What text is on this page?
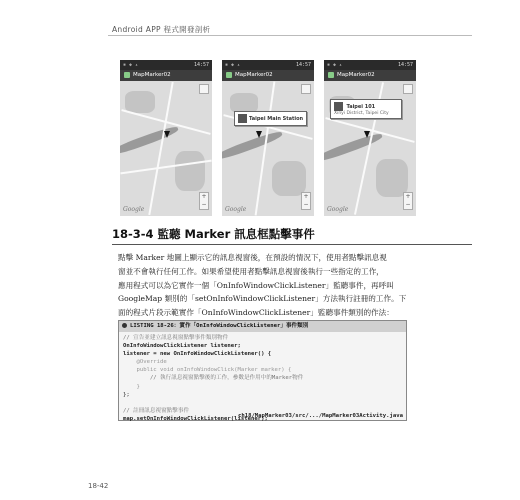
Android APP 程式開發剖析
▪ ◆ ▴	14:57
MapMarker02
+
−
Google
▪ ◆ ▴	14:57
MapMarker02
Taipei Main Station
+
−
Google
▪ ◆ ▴	14:57
MapMarker02
Taipei 101
Xinyi District, Taipei City
+
−
Google
18-3-4 監聽 Marker 訊息框點擊事件

點擊 Marker 地圖上顯示它的訊息視窗後，在預設的情況下，使用者點擊訊息視

窗並不會執行任何工作。如果希望使用者點擊訊息視窗後執行一些指定的工作，

應用程式可以為它實作一個「OnInfoWindowClickListener」監聽事件，再呼叫

GoogleMap 類別的「setOnInfoWindowClickListener」方法執行註冊的工作。下

面的程式片段示範實作「OnInfoWindowClickListener」監聽事件類別的作法：

LISTING 18-26：實作「OnInfoWindowClickListener」事件類別
// 宣告並建立訊息視窗點擊事件類別物件
OnInfoWindowClickListener listener;
listener = new OnInfoWindowClickListener() {
@Override
public void onInfoWindowClick(Marker marker) {
// 執行訊息視窗點擊後的工作，參數是作用中的Marker物件
}
};
// 註冊訊息視窗點擊事件
map.setOnInfoWindowClickListener(listener);
ch18/MapMarker03/src/.../MapMarker03Activity.java
18-42
